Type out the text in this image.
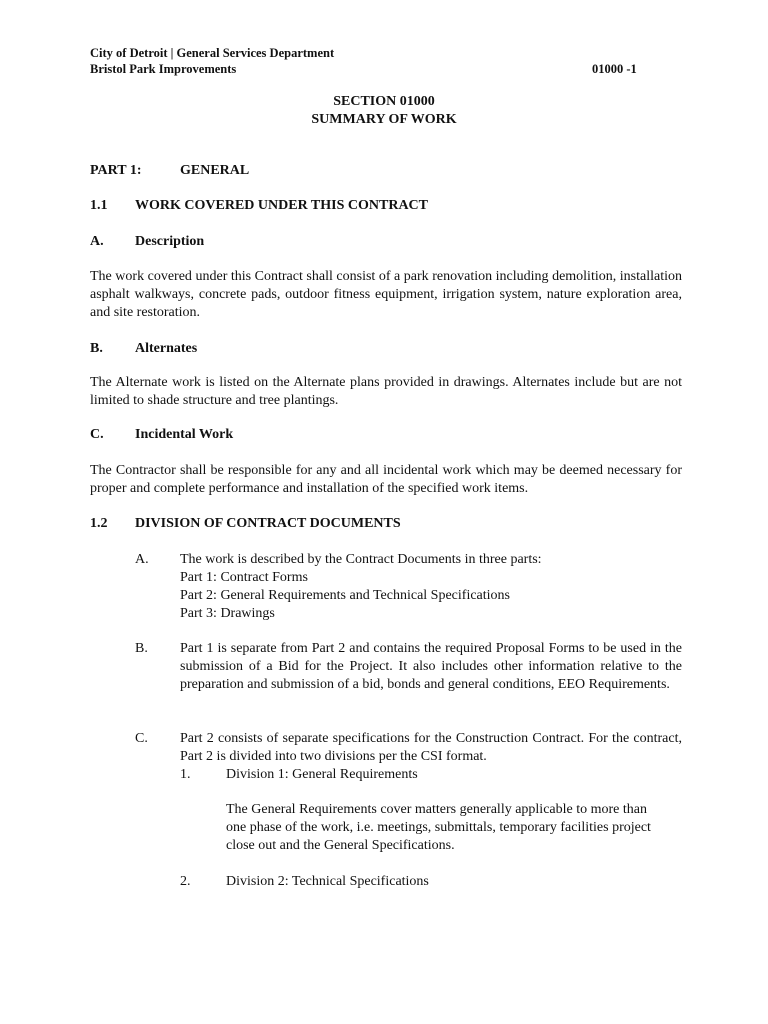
City of Detroit | General Services Department
Bristol Park Improvements	01000 -1
SECTION 01000
SUMMARY OF WORK
PART 1:	GENERAL
1.1 WORK COVERED UNDER THIS CONTRACT
A. Description
The work covered under this Contract shall consist of a park renovation including demolition, installation asphalt walkways, concrete pads, outdoor fitness equipment, irrigation system, nature exploration area, and site restoration.
B. Alternates
The Alternate work is listed on the Alternate plans provided in drawings. Alternates include but are not limited to shade structure and tree plantings.
C. Incidental Work
The Contractor shall be responsible for any and all incidental work which may be deemed necessary for proper and complete performance and installation of the specified work items.
1.2 DIVISION OF CONTRACT DOCUMENTS
A. The work is described by the Contract Documents in three parts:
Part 1: Contract Forms
Part 2: General Requirements and Technical Specifications
Part 3: Drawings
B. Part 1 is separate from Part 2 and contains the required Proposal Forms to be used in the submission of a Bid for the Project. It also includes other information relative to the preparation and submission of a bid, bonds and general conditions, EEO Requirements.
C. Part 2 consists of separate specifications for the Construction Contract. For the contract, Part 2 is divided into two divisions per the CSI format.
1.	Division 1: General Requirements
The General Requirements cover matters generally applicable to more than one phase of the work, i.e. meetings, submittals, temporary facilities project close out and the General Specifications.
2.	Division 2: Technical Specifications
